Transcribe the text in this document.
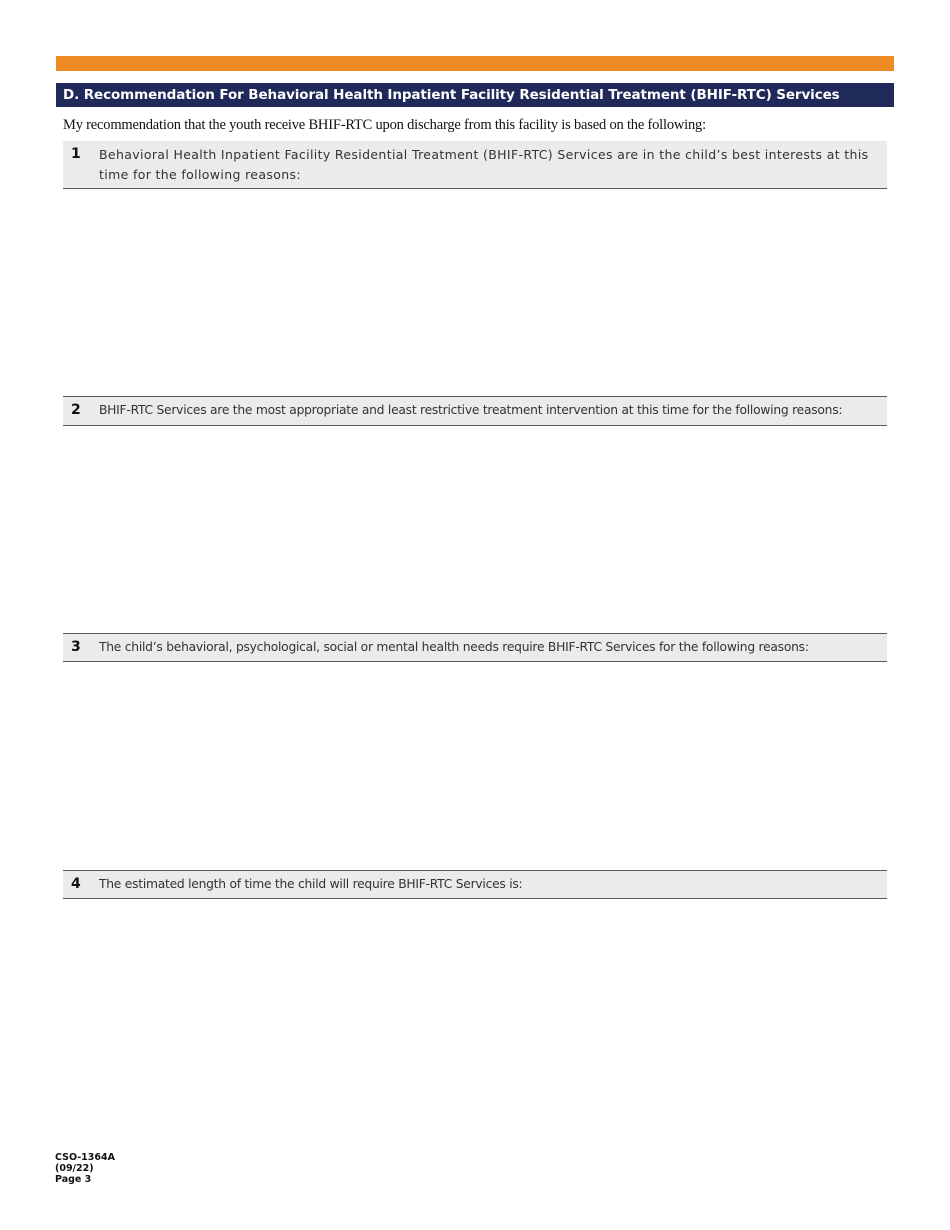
D. Recommendation For Behavioral Health Inpatient Facility Residential Treatment (BHIF-RTC) Services
My recommendation that the youth receive BHIF-RTC upon discharge from this facility is based on the following:
1 Behavioral Health Inpatient Facility Residential Treatment (BHIF-RTC) Services are in the child’s best interests at this time for the following reasons:
2 BHIF-RTC Services are the most appropriate and least restrictive treatment intervention at this time for the following reasons:
3 The child’s behavioral, psychological, social or mental health needs require BHIF-RTC Services for the following reasons:
4 The estimated length of time the child will require BHIF-RTC Services is:
CSO-1364A
(09/22)
Page 3
